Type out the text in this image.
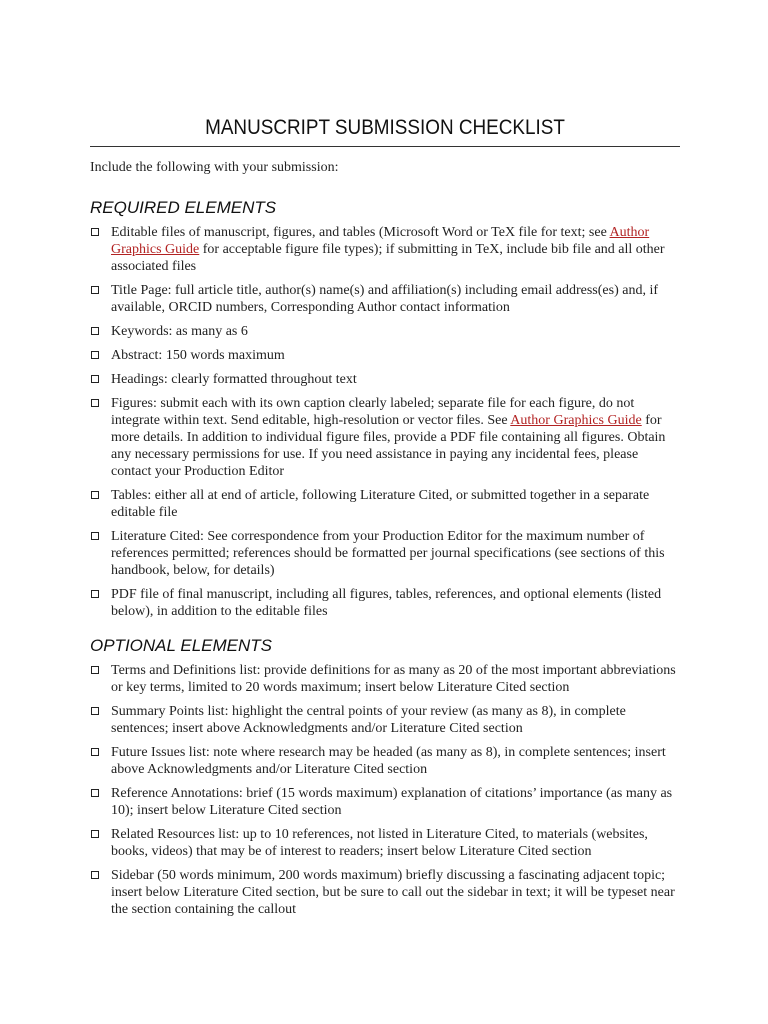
MANUSCRIPT SUBMISSION CHECKLIST
Include the following with your submission:
REQUIRED ELEMENTS
Editable files of manuscript, figures, and tables (Microsoft Word or TeX file for text; see Author Graphics Guide for acceptable figure file types); if submitting in TeX, include bib file and all other associated files
Title Page: full article title, author(s) name(s) and affiliation(s) including email address(es) and, if available, ORCID numbers, Corresponding Author contact information
Keywords: as many as 6
Abstract: 150 words maximum
Headings: clearly formatted throughout text
Figures: submit each with its own caption clearly labeled; separate file for each figure, do not integrate within text. Send editable, high-resolution or vector files. See Author Graphics Guide for more details. In addition to individual figure files, provide a PDF file containing all figures. Obtain any necessary permissions for use. If you need assistance in paying any incidental fees, please contact your Production Editor
Tables: either all at end of article, following Literature Cited, or submitted together in a separate editable file
Literature Cited: See correspondence from your Production Editor for the maximum number of references permitted; references should be formatted per journal specifications (see sections of this handbook, below, for details)
PDF file of final manuscript, including all figures, tables, references, and optional elements (listed below), in addition to the editable files
OPTIONAL ELEMENTS
Terms and Definitions list: provide definitions for as many as 20 of the most important abbreviations or key terms, limited to 20 words maximum; insert below Literature Cited section
Summary Points list: highlight the central points of your review (as many as 8), in complete sentences; insert above Acknowledgments and/or Literature Cited section
Future Issues list: note where research may be headed (as many as 8), in complete sentences; insert above Acknowledgments and/or Literature Cited section
Reference Annotations: brief (15 words maximum) explanation of citations’ importance (as many as 10); insert below Literature Cited section
Related Resources list: up to 10 references, not listed in Literature Cited, to materials (websites, books, videos) that may be of interest to readers; insert below Literature Cited section
Sidebar (50 words minimum, 200 words maximum) briefly discussing a fascinating adjacent topic; insert below Literature Cited section, but be sure to call out the sidebar in text; it will be typeset near the section containing the callout
